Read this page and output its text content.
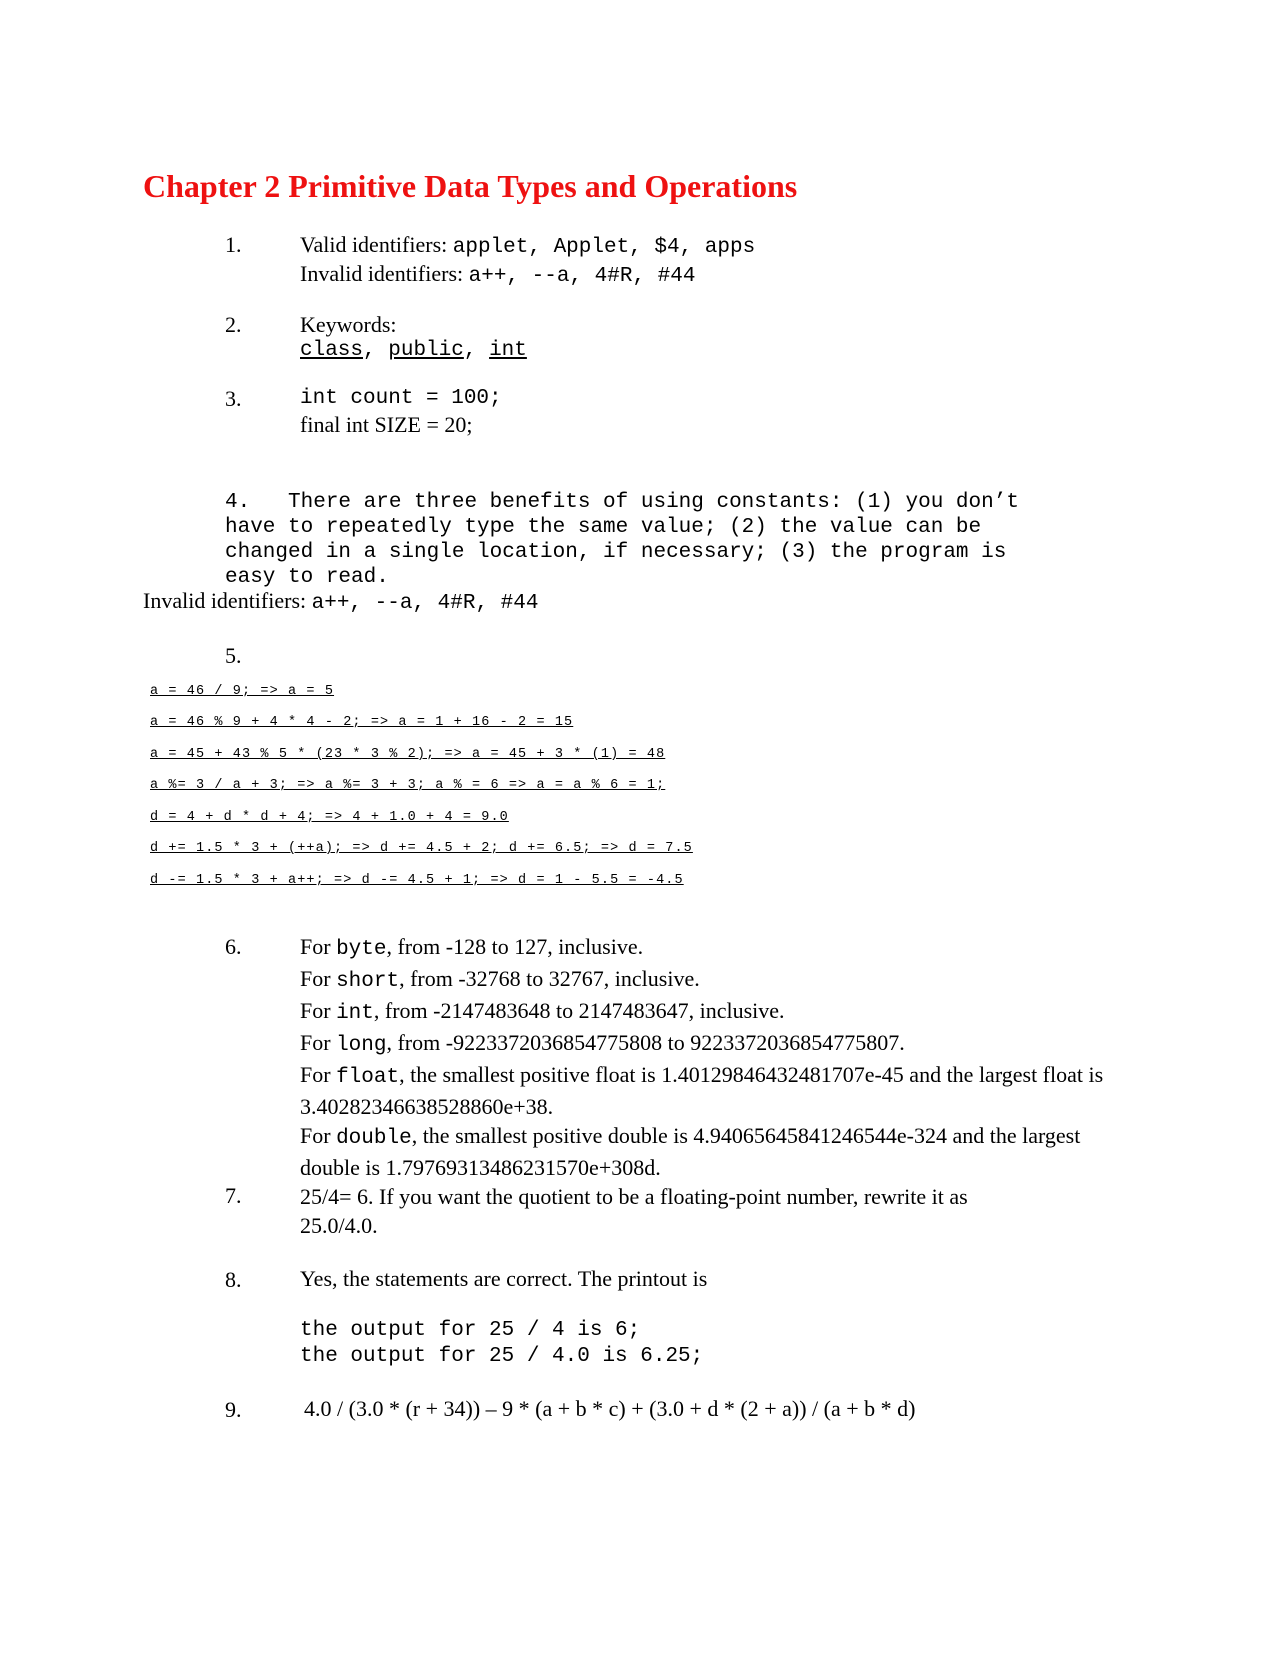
Chapter 2 Primitive Data Types and Operations
1.	Valid identifiers: applet, Applet, $4, apps
Invalid identifiers: a++, --a, 4#R, #44
2.	Keywords:
class, public, int
3.	int count = 100;
final int SIZE = 20;
4.   There are three benefits of using constants: (1) you don’t have to repeatedly type the same value; (2) the value can be changed in a single location, if necessary; (3) the program is easy to read.
Invalid identifiers: a++, --a, 4#R, #44
5.
a = 46 / 9; => a = 5
a = 46 % 9 + 4 * 4 - 2; => a = 1 + 16 - 2 = 15
a = 45 + 43 % 5 * (23 * 3 % 2); => a = 45 + 3 * (1) = 48
a %= 3 / a + 3; => a %= 3 + 3; a % = 6 => a = a % 6 = 1;
d = 4 + d * d + 4; => 4 + 1.0 + 4 = 9.0
d += 1.5 * 3 + (++a); => d += 4.5 + 2; d += 6.5; => d = 7.5
d -= 1.5 * 3 + a++; => d -= 4.5 + 1; => d = 1 - 5.5 = -4.5
6.	For byte, from -128 to 127, inclusive.
For short, from -32768 to 32767, inclusive.
For int, from -2147483648 to 2147483647, inclusive.
For long, from -9223372036854775808 to 9223372036854775807.
For float, the smallest positive float is 1.40129846432481707e-45 and the largest float is 3.40282346638528860e+38.
For double, the smallest positive double is 4.94065645841246544e-324 and the largest double is 1.79769313486231570e+308d.
7.	25/4= 6. If you want the quotient to be a floating-point number, rewrite it as 25.0/4.0.
8.	Yes, the statements are correct. The printout is
the output for 25 / 4 is 6;
the output for 25 / 4.0 is 6.25;
9.	4.0 / (3.0 * (r + 34)) – 9 * (a + b * c) + (3.0 + d * (2 + a)) / (a + b * d)
